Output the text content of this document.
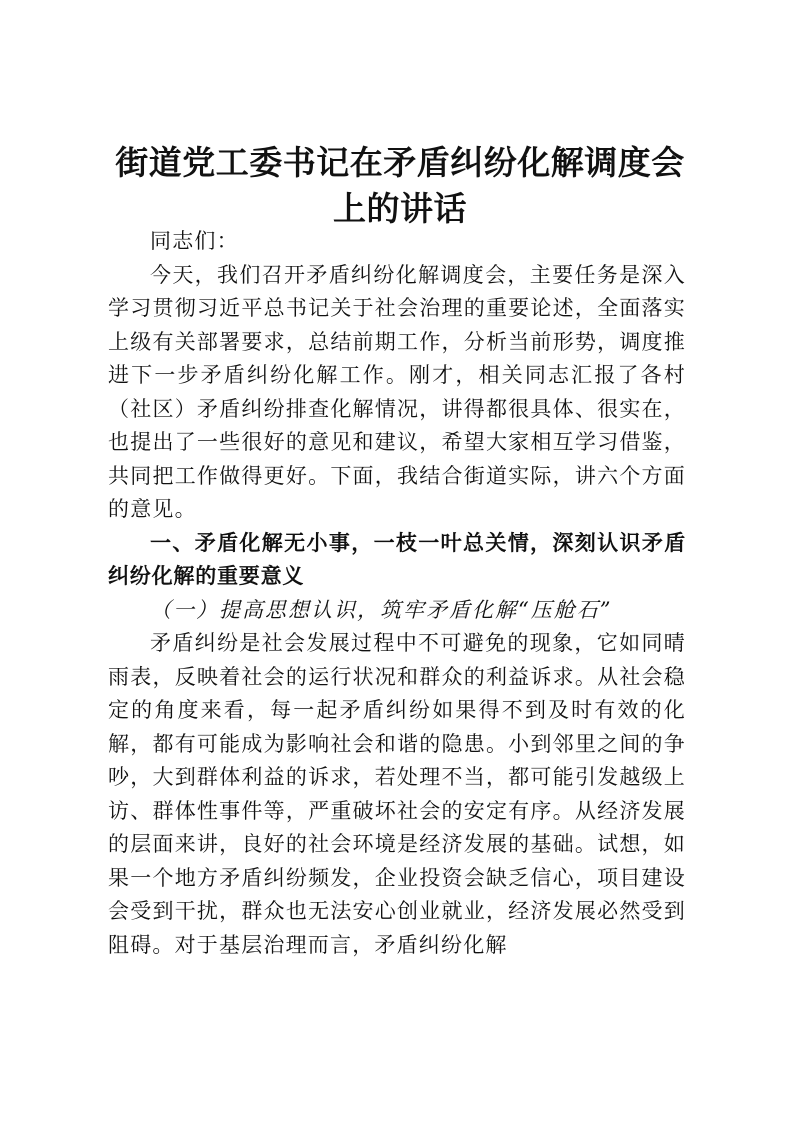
街道党工委书记在矛盾纠纷化解调度会上的讲话

同志们：

今天，我们召开矛盾纠纷化解调度会，主要任务是深入学习贯彻习近平总书记关于社会治理的重要论述，全面落实上级有关部署要求，总结前期工作，分析当前形势，调度推进下一步矛盾纠纷化解工作。刚才，相关同志汇报了各村（社区）矛盾纠纷排查化解情况，讲得都很具体、很实在，也提出了一些很好的意见和建议，希望大家相互学习借鉴，共同把工作做得更好。下面，我结合街道实际，讲六个方面的意见。

一、矛盾化解无小事，一枝一叶总关情，深刻认识矛盾纠纷化解的重要意义

（一）提高思想认识，筑牢矛盾化解“压舱石”

矛盾纠纷是社会发展过程中不可避免的现象，它如同晴雨表，反映着社会的运行状况和群众的利益诉求。从社会稳定的角度来看，每一起矛盾纠纷如果得不到及时有效的化解，都有可能成为影响社会和谐的隐患。小到邻里之间的争吵，大到群体利益的诉求，若处理不当，都可能引发越级上访、群体性事件等，严重破坏社会的安定有序。从经济发展的层面来讲，良好的社会环境是经济发展的基础。试想，如果一个地方矛盾纠纷频发，企业投资会缺乏信心，项目建设会受到干扰，群众也无法安心创业就业，经济发展必然受到阻碍。对于基层治理而言，矛盾纠纷化解
